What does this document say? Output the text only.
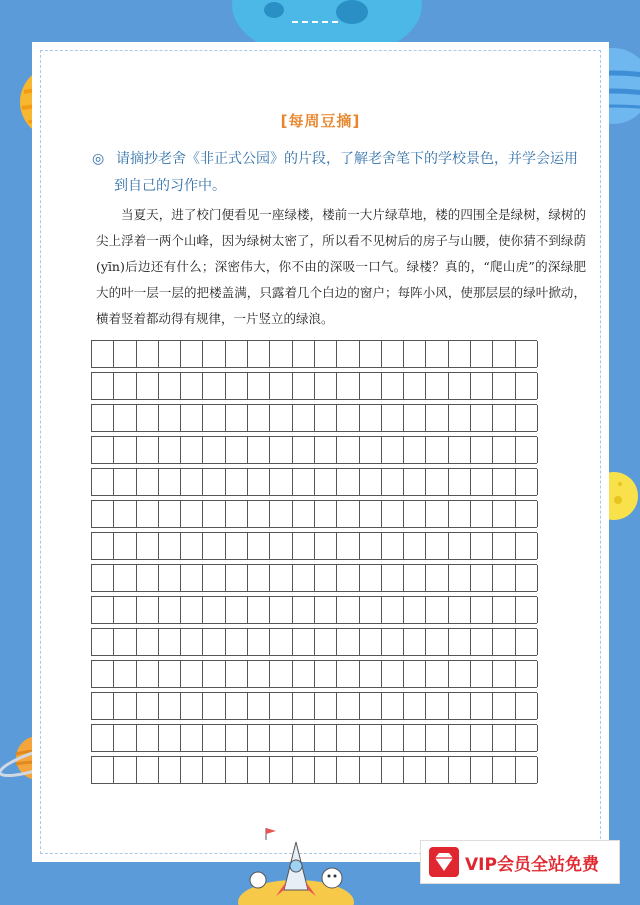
[每周豆摘]
◎ 请摘抄老舍《非正式公园》的片段，了解老舍笔下的学校景色，并学会运用
到自己的习作中。
当夏天，进了校门便看见一座绿楼，楼前一大片绿草地，楼的四围全是绿树，绿树的尖上浮着一两个山峰，因为绿树太密了，所以看不见树后的房子与山腰，使你猜不到绿荫(yīn)后边还有什么；深密伟大，你不由的深吸一口气。绿楼？真的，“爬山虎”的深绿肥大的叶一层一层的把楼盖满，只露着几个白边的窗户；每阵小风，使那层层的绿叶掀动，横着竖着都动得有规律，一片竖立的绿浪。
VIP会员全站免费
